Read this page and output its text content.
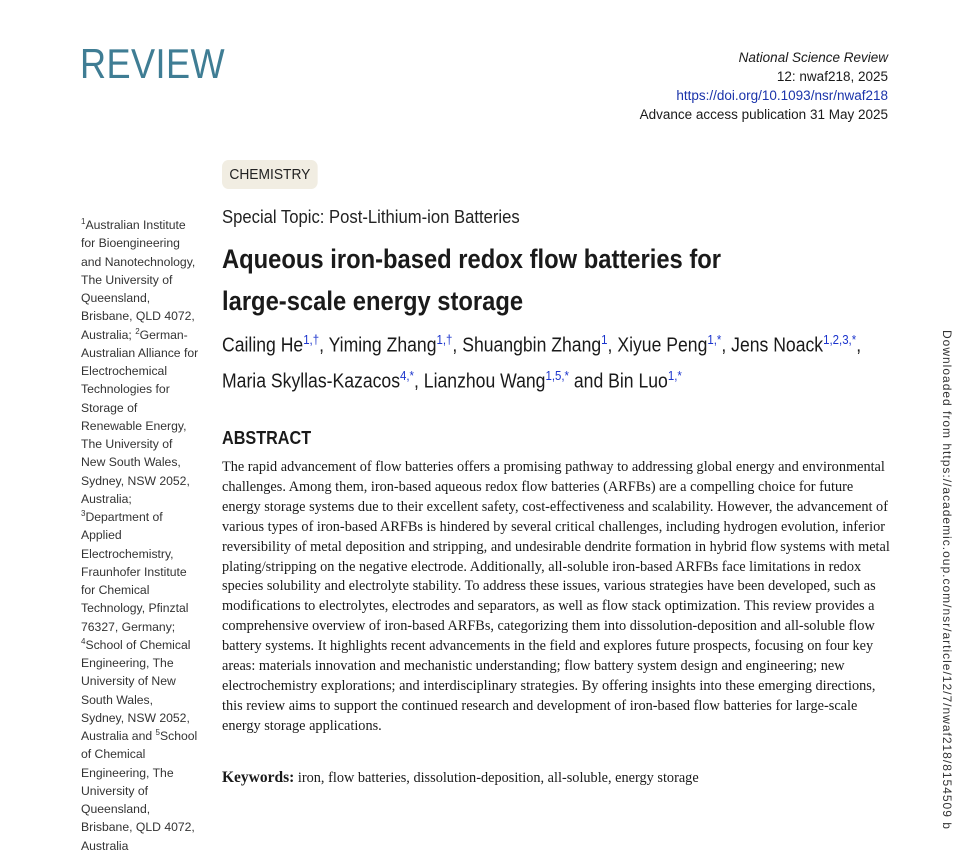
REVIEW	National Science Review
12: nwaf218, 2025
https://doi.org/10.1093/nsr/nwaf218
Advance access publication 31 May 2025
CHEMISTRY
$^1$Australian Institute for Bioengineering and Nanotechnology, The University of Queensland, Brisbane, QLD 4072, Australia; $^2$German-Australian Alliance for Electrochemical Technologies for Storage of Renewable Energy, The University of New South Wales, Sydney, NSW 2052, Australia; $^3$Department of Applied Electrochemistry, Fraunhofer Institute for Chemical Technology, Pfinztal 76327, Germany; $^4$School of Chemical Engineering, The University of New South Wales, Sydney, NSW 2052, Australia and $^5$School of Chemical Engineering, The University of Queensland, Brisbane, QLD 4072, Australia
Special Topic: Post-Lithium-ion Batteries
Aqueous iron-based redox flow batteries for large-scale energy storage
Cailing $He^{1,\dagger}$, Yiming Zhang$^{1,\dagger}$, Shuangbin Zhang$^1$, Xiyue Peng$^{1,*}$, Jens Noack$^{1,2,3,*}$,
Maria Skyllas-Kazacos$^{4,*}$, Lianzhou Wang$^{1,5,*}$ and Bin Luo$^{1,*}$
ABSTRACT

The rapid advancement of flow batteries offers a promising pathway to addressing global energy and environmental challenges. Among them, iron-based aqueous redox flow batteries (ARFBs) are a compelling choice for future energy storage systems due to their excellent safety, cost-effectiveness and scalability. However, the advancement of various types of iron-based ARFBs is hindered by several critical challenges, including hydrogen evolution, inferior reversibility of metal deposition and stripping, and undesirable dendrite formation in hybrid flow systems with metal plating/stripping on the negative electrode. Additionally, all-soluble iron-based ARFBs face limitations in redox species solubility and electrolyte stability. To address these issues, various strategies have been developed, such as modifications to electrolytes, electrodes and separators, as well as flow stack optimization. This review provides a comprehensive overview of iron-based ARFBs, categorizing them into dissolution-deposition and all-soluble flow battery systems. It highlights recent advancements in the field and explores future prospects, focusing on four key areas: materials innovation and mechanistic understanding; flow battery system design and engineering; new electrochemistry explorations; and interdisciplinary strategies. By offering insights into these emerging directions, this review aims to support the continued research and development of iron-based flow batteries for large-scale energy storage applications.

Keywords: iron, flow batteries, dissolution-deposition, all-soluble, energy storage	Downloaded from https://academic.oup.com/nsr/article/12/7/nwaf218/8154509 b
